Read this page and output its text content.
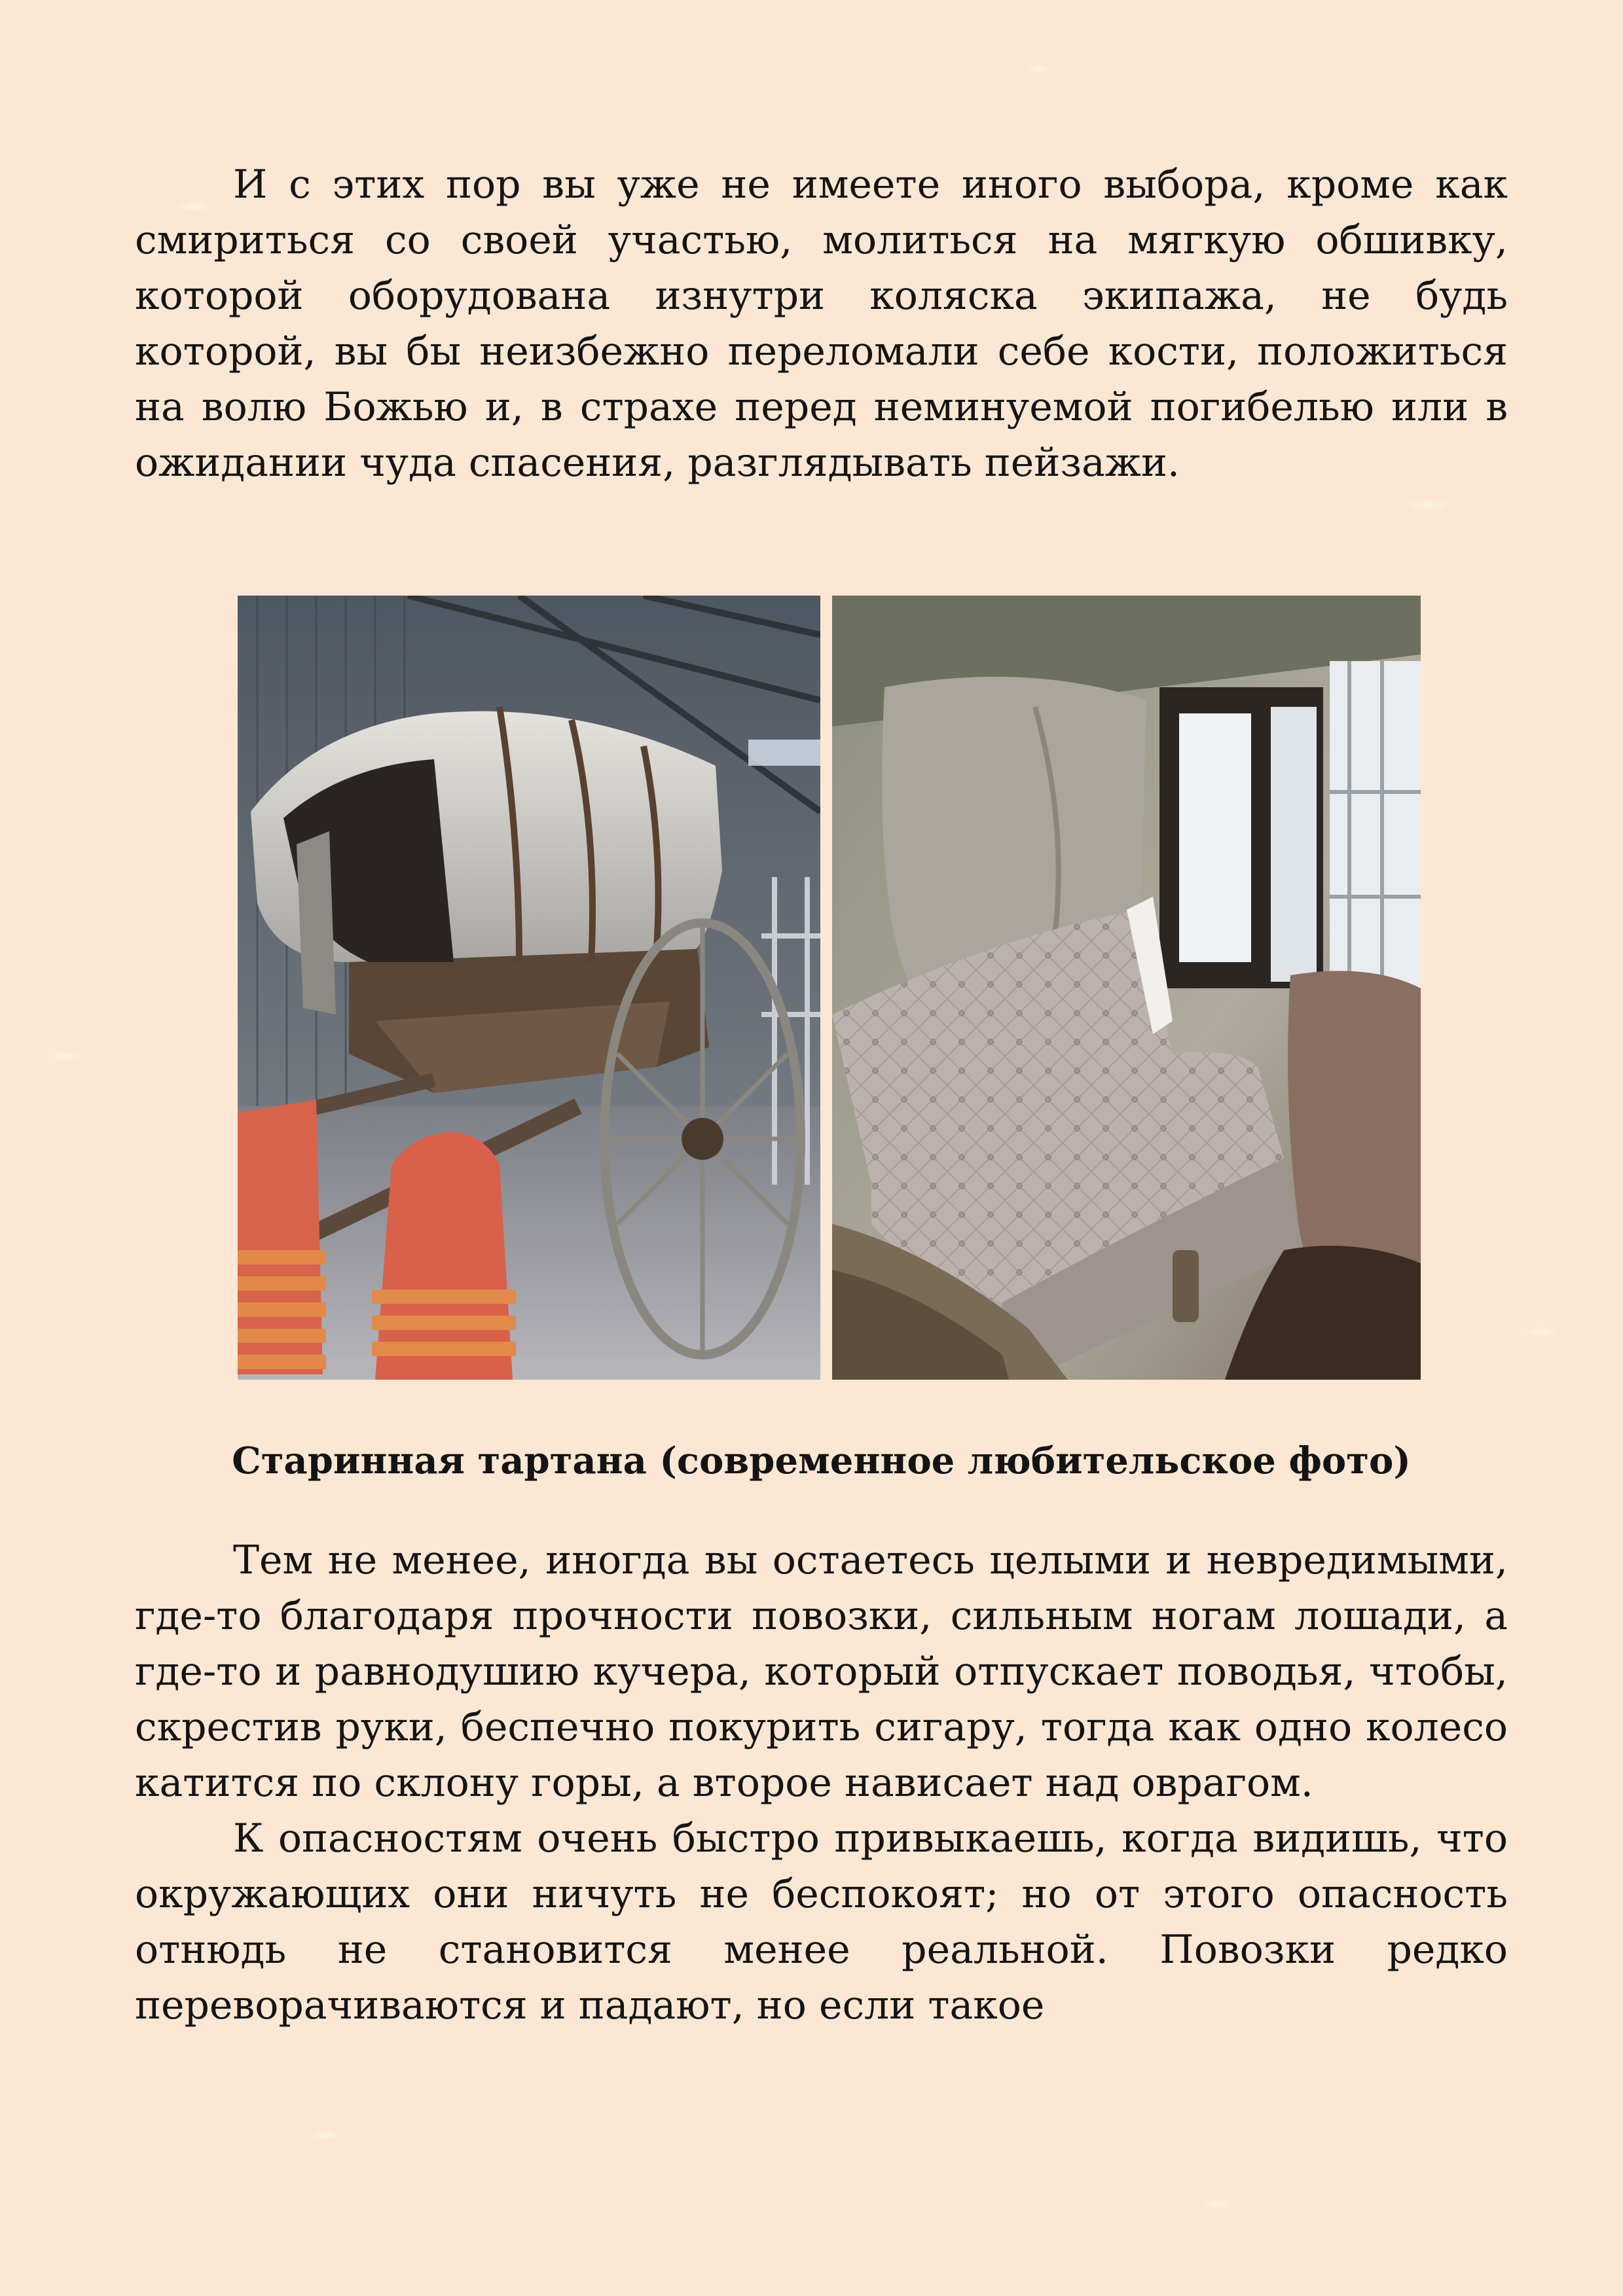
И с этих пор вы уже не имеете иного выбора, кроме как смириться со своей участью, молиться на мягкую обшивку, которой оборудована изнутри коляска экипажа, не будь которой, вы бы неизбежно переломали себе кости, положиться на волю Божью и, в страхе перед неминуемой погибелью или в ожидании чуда спасения, разглядывать пейзажи.

Старинная тартана (современное любительское фото)

Тем не менее, иногда вы остаетесь целыми и невредимыми, где-то благодаря прочности повозки, сильным ногам лошади, а где-то и равнодушию кучера, который отпускает поводья, чтобы, скрестив руки, беспечно покурить сигару, тогда как одно колесо катится по склону горы, а второе нависает над оврагом.

К опасностям очень быстро привыкаешь, когда видишь, что окружающих они ничуть не беспокоят; но от этого опасность отнюдь не становится менее реальной. Повозки редко переворачиваются и падают, но если такое
